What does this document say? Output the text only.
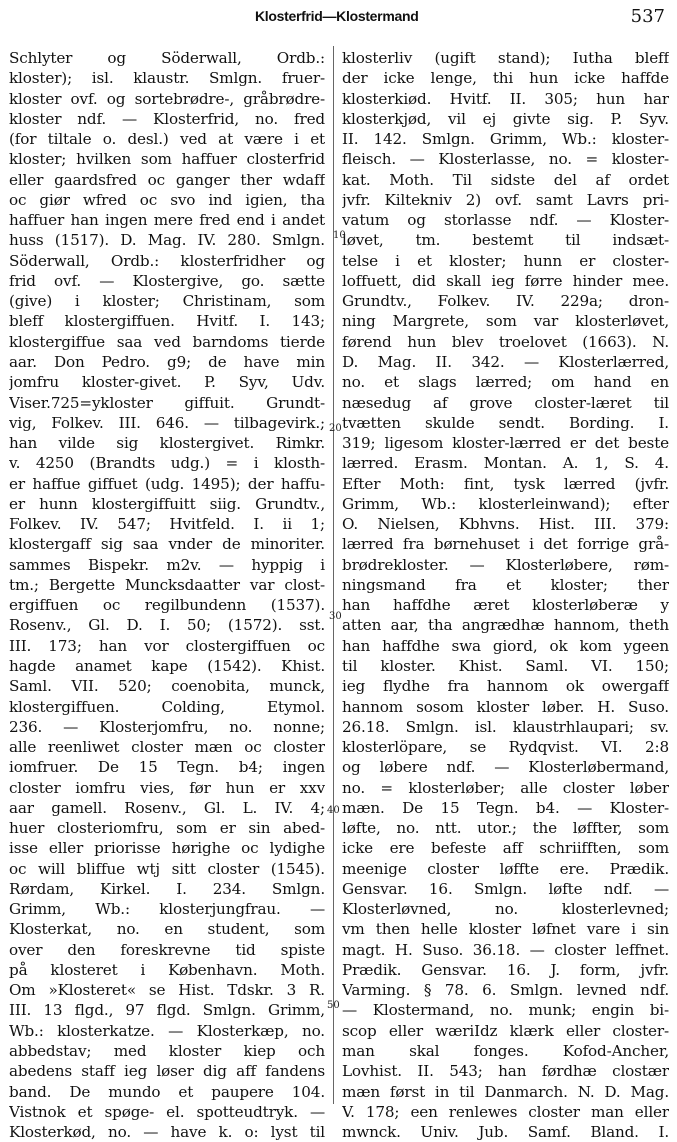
Klosterfrid—Klostermand	537
Schlyter og Söderwall, Ordb.:
kloster); isl. klaustr. Smlgn. fruer-
kloster ovf. og sortebrødre-, gråbrødre-
kloster ndf. — Klosterfrid, no. fred
(for tiltale o. desl.) ved at være i et
kloster; hvilken som haffuer closterfrid
eller gaardsfred oc ganger ther wdaff
oc giør wfred oc svo ind igien, tha
haffuer han ingen mere fred end i andet
huss (1517). D. Mag. IV. 280. Smlgn.
Söderwall, Ordb.: klosterfridher og
frid ovf. — Klostergive, go. sætte
(give) i kloster; Christinam, som
bleff klostergiffuen. Hvitf. I. 143;
klostergiffue saa ved barndoms tierde
aar. Don Pedro. g9; de have min
jomfru kloster-givet. P. Syv, Udv.
Viser.725=ykloster giffuit. Grundt-
vig, Folkev. III. 646. — tilbagevirk.;
han vilde sig klostergivet. Rimkr.
v. 4250 (Brandts udg.) = i klosth-
er haffue giffuet (udg. 1495); der haffu-
er hunn klostergiffuitt siig. Grundtv.,
Folkev. IV. 547; Hvitfeld. I. ii 1;
klostergaff sig saa vnder de minoriter.
sammes Bispekr. m2v. — hyppig i
tm.; Bergette Muncksdaatter var clost-
ergiffuen oc regilbundenn (1537).
Rosenv., Gl. D. I. 50; (1572). sst.
III. 173; han vor clostergiffuen oc
hagde anamet kape (1542). Khist.
Saml. VII. 520; coenobita, munck,
klostergiffuen. Colding, Etymol.
236. — Klosterjomfru, no. nonne;
alle reenliwet closter mæn oc closter
iomfruer. De 15 Tegn. b4; ingen
closter iomfru vies, før hun er xxv
aar gamell. Rosenv., Gl. L. IV. 4;
huer closteriomfru, som er sin abed-
isse eller priorisse hørighe oc lydighe
oc will bliffue wtj sitt closter (1545).
Rørdam, Kirkel. I. 234. Smlgn.
Grimm, Wb.: klosterjungfrau. —
Klosterkat, no. en student, som
over den foreskrevne tid spiste
på klosteret i København. Moth.
Om »Klosteret« se Hist. Tdskr. 3 R.
III. 13 flgd., 97 flgd. Smlgn. Grimm,
Wb.: klosterkatze. — Klosterkæp, no.
abbedstav; med kloster kiep och
abedens staff ieg løser dig aff fandens
band. De mundo et paupere 104.
Vistnok et spøge- el. spotteudtryk. —
Klosterkød, no. — have k. o: lyst til
klosterliv (ugift stand); Iutha bleff
der icke lenge, thi hun icke haffde
klosterkiød. Hvitf. II. 305; hun har
klosterkjød, vil ej givte sig. P. Syv.
II. 142. Smlgn. Grimm, Wb.: kloster-
fleisch. — Klosterlasse, no. = kloster-
kat. Moth. Til sidste del af ordet
jvfr. Kiltekniv 2) ovf. samt Lavrs pri-
vatum og storlasse ndf. — Kloster-
løvet, tm. bestemt til indsæt-
telse i et kloster; hunn er closter-
loffuett, did skall ieg førre hinder mee.
Grundtv., Folkev. IV. 229a; dron-
ning Margrete, som var klosterløvet,
førend hun blev troelovet (1663). N.
D. Mag. II. 342. — Klosterlærred,
no. et slags lærred; om hand en
næsedug af grove closter-læret til
tvætten skulde sendt. Bording. I.
319; ligesom kloster-lærred er det beste
lærred. Erasm. Montan. A. 1, S. 4.
Efter Moth: fint, tysk lærred (jvfr.
Grimm, Wb.: klosterleinwand); efter
O. Nielsen, Kbhvns. Hist. III. 379:
lærred fra børnehuset i det forrige grå-
brødrekloster. — Klosterløbere, røm-
ningsmand fra et kloster; ther
han haffdhe æret klosterløberæ y
atten aar, tha angrædhæ hannom, theth
han haffdhe swa giord, ok kom ygeen
til kloster. Khist. Saml. VI. 150;
ieg flydhe fra hannom ok owergaff
hannom sosom kloster løber. H. Suso.
26.18. Smlgn. isl. klaustrhlaupari; sv.
klosterlöpare, se Rydqvist. VI. 2:8
og løbere ndf. — Klosterløbermand,
no. = klosterløber; alle closter løber
mæn. De 15 Tegn. b4. — Kloster-
løfte, no. ntt. utor.; the løffter, som
icke ere befeste aff schriifften, som
meenige closter løffte ere. Prædik.
Gensvar. 16. Smlgn. løfte ndf. —
Klosterløvned, no. klosterlevned;
vm then helle kloster løfnet vare i sin
magt. H. Suso. 36.18. — closter leffnet.
Prædik. Gensvar. 16. J. form, jvfr.
Varming. § 78. 6. Smlgn. levned ndf.
— Klostermand, no. munk; engin bi-
scop eller wæriIdz klærk eller closter-
man skal fonges. Kofod-Ancher,
Lovhist. II. 543; han førdhæ clostær
mæn først in til Danmarch. N. D. Mag.
V. 178; een renlewes closter man eller
mwnck. Univ. Jub. Samf. Bland. I.
10
20
30
40
50
